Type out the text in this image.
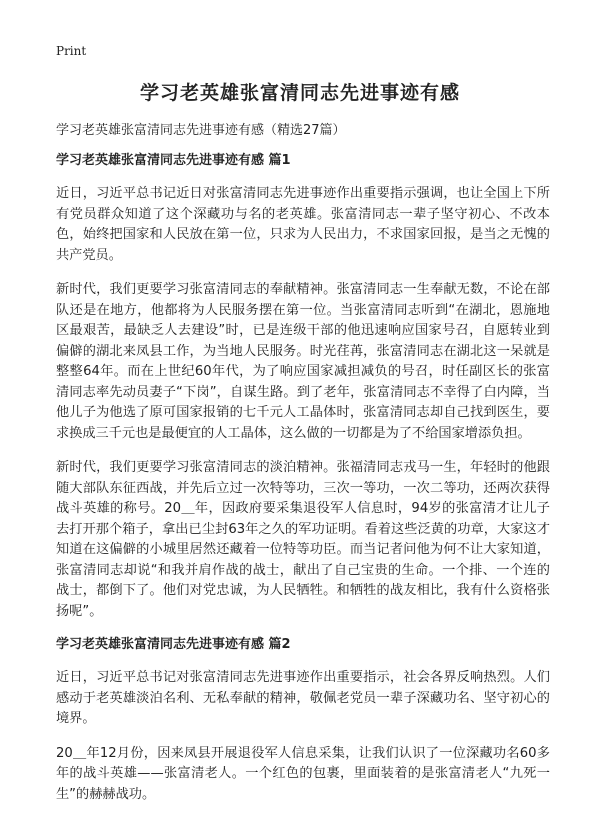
Print
学习老英雄张富清同志先进事迹有感

学习老英雄张富清同志先进事迹有感（精选27篇）

学习老英雄张富清同志先进事迹有感 篇1

近日，习近平总书记近日对张富清同志先进事迹作出重要指示强调，也让全国上下所有党员群众知道了这个深藏功与名的老英雄。张富清同志一辈子坚守初心、不改本色，始终把国家和人民放在第一位，只求为人民出力，不求国家回报，是当之无愧的共产党员。

新时代，我们更要学习张富清同志的奉献精神。张富清同志一生奉献无数，不论在部队还是在地方，他都将为人民服务摆在第一位。当张富清同志听到“在湖北，恩施地区最艰苦，最缺乏人去建设”时，已是连级干部的他迅速响应国家号召，自愿转业到偏僻的湖北来凤县工作，为当地人民服务。时光荏苒，张富清同志在湖北这一呆就是整整64年。而在上世纪60年代，为了响应国家减担减负的号召，时任副区长的张富清同志率先动员妻子“下岗”，自谋生路。到了老年，张富清同志不幸得了白内障，当他儿子为他选了原可国家报销的七千元人工晶体时，张富清同志却自己找到医生，要求换成三千元也是最便宜的人工晶体，这么做的一切都是为了不给国家增添负担。

新时代，我们更要学习张富清同志的淡泊精神。张福清同志戎马一生，年轻时的他跟随大部队东征西战，并先后立过一次特等功，三次一等功，一次二等功，还两次获得战斗英雄的称号。20＿年，因政府要采集退役军人信息时，94岁的张富清才让儿子去打开那个箱子，拿出已尘封63年之久的军功证明。看着这些泛黄的功章，大家这才知道在这偏僻的小城里居然还藏着一位特等功臣。而当记者问他为何不让大家知道，张富清同志却说“和我并肩作战的战士，献出了自己宝贵的生命。一个排、一个连的战士，都倒下了。他们对党忠诚，为人民牺牲。和牺牲的战友相比，我有什么资格张扬呢”。

学习老英雄张富清同志先进事迹有感 篇2

近日，习近平总书记对张富清同志先进事迹作出重要指示，社会各界反响热烈。人们感动于老英雄淡泊名利、无私奉献的精神，敬佩老党员一辈子深藏功名、坚守初心的境界。

20＿年12月份，因来凤县开展退役军人信息采集，让我们认识了一位深藏功名60多年的战斗英雄——张富清老人。一个红色的包裹，里面装着的是张富清老人“九死一生”的赫赫战功。
